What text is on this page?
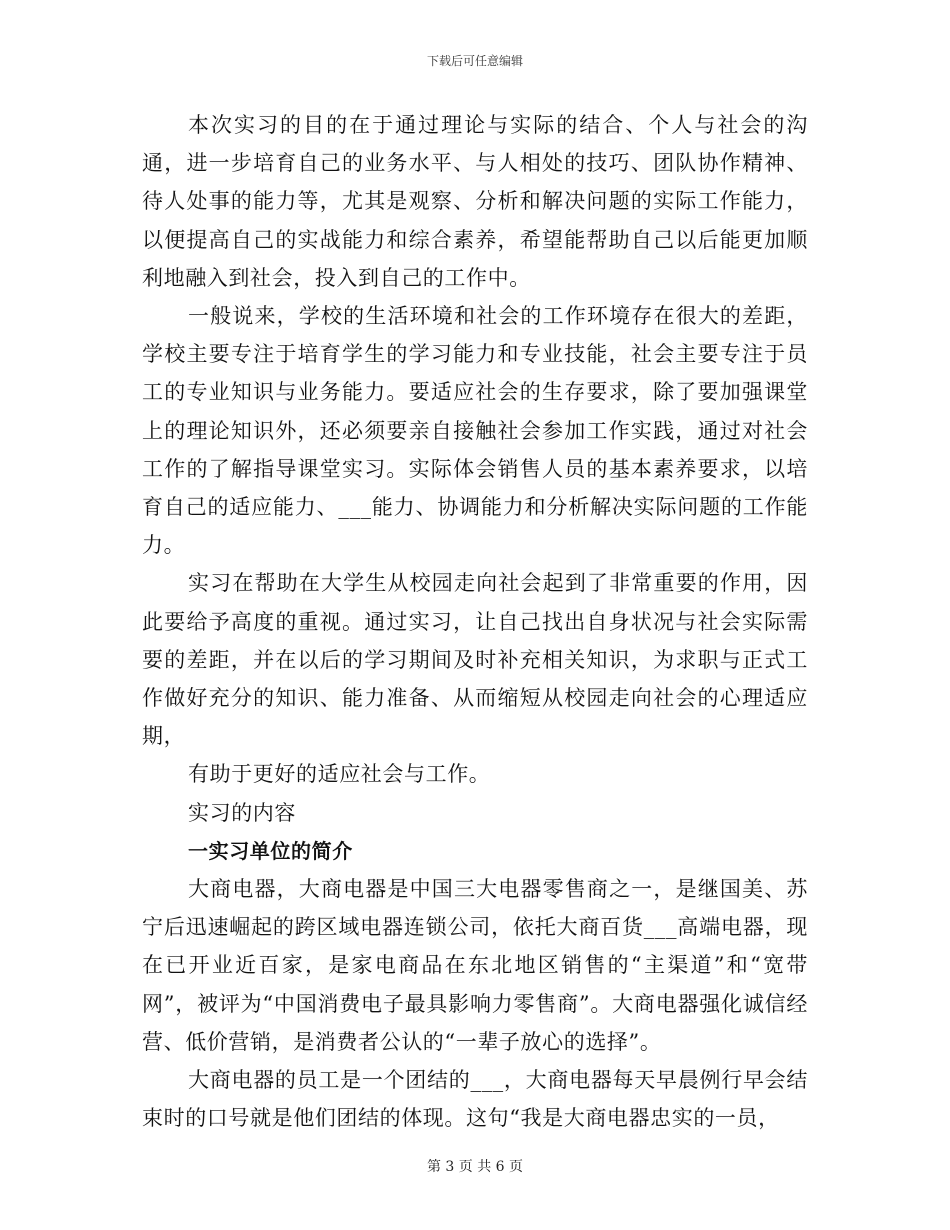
下载后可任意编辑

本次实习的目的在于通过理论与实际的结合、个人与社会的沟通，进一步培育自己的业务水平、与人相处的技巧、团队协作精神、待人处事的能力等，尤其是观察、分析和解决问题的实际工作能力，以便提高自己的实战能力和综合素养，希望能帮助自己以后能更加顺利地融入到社会，投入到自己的工作中。

一般说来，学校的生活环境和社会的工作环境存在很大的差距，学校主要专注于培育学生的学习能力和专业技能，社会主要专注于员工的专业知识与业务能力。要适应社会的生存要求，除了要加强课堂上的理论知识外，还必须要亲自接触社会参加工作实践，通过对社会工作的了解指导课堂实习。实际体会销售人员的基本素养要求，以培育自己的适应能力、___能力、协调能力和分析解决实际问题的工作能力。

实习在帮助在大学生从校园走向社会起到了非常重要的作用，因此要给予高度的重视。通过实习，让自己找出自身状况与社会实际需要的差距，并在以后的学习期间及时补充相关知识，为求职与正式工作做好充分的知识、能力准备、从而缩短从校园走向社会的心理适应期，

有助于更好的适应社会与工作。

实习的内容

一实习单位的简介

大商电器，大商电器是中国三大电器零售商之一，是继国美、苏宁后迅速崛起的跨区域电器连锁公司，依托大商百货___高端电器，现在已开业近百家，是家电商品在东北地区销售的“主渠道”和“宽带网”，被评为“中国消费电子最具影响力零售商”。大商电器强化诚信经营、低价营销，是消费者公认的“一辈子放心的选择”。

大商电器的员工是一个团结的___，大商电器每天早晨例行早会结束时的口号就是他们团结的体现。这句“我是大商电器忠实的一员，

第 3 页 共 6 页
